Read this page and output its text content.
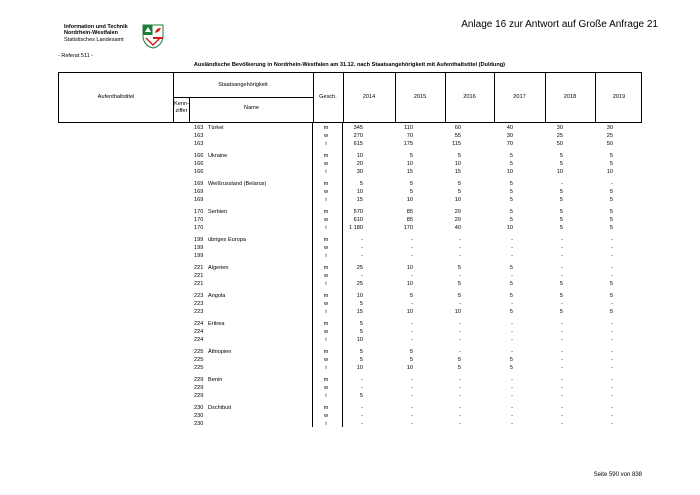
Information und Technik
Nordrhein-Westfalen
Statistisches Landesamt
Anlage 16 zur Antwort auf Große Anfrage 21
- Referat 511 -
Ausländische Bevölkerung in Nordrhein-Westfalen am 31.12. nach Staatsangehörigkeit mit Aufenthaltstitel (Duldung)
Aufenthaltstitel
Staatsangehörigkeit
Kenn-
ziffer	Name
Gesch.	2014	2015	2016	2017	2018	2019
163 Türkei	m	345	110	60	40	30	30
163	w	270	70	55	30	25	25
163	i	615	175	115	70	50	50
166 Ukraine	m	10	5	5	5	5	5
166	w	20	10	10	5	5	5
166	i	30	15	15	10	10	10
169 Weißrussland (Belarus)	m	5	5	5	5	-	-
169	w	10	5	5	5	5	5
169	i	15	10	10	5	5	5
170 Serbien	m	570	85	20	5	5	5
170	w	610	85	20	5	5	5
170	i	1 180	170	40	10	5	5
199 übriges Europa	m	-	-	-	-	-	-
199	w	-	-	-	-	-	-
199	i	-	-	-	-	-	-
221 Algerien	m	25	10	5	5	-	-
221	w	-	-	-	-	-	-
221	i	25	10	5	5	5	5
223 Angola	m	10	5	5	5	5	5
223	w	5	-	-	-	-	-
223	i	15	10	10	5	5	5
224 Eritrea	m	5	-	-	-	-	-
224	w	5	-	-	-	-	-
224	i	10	-	-	-	-	-
225 Äthiopien	m	5	5	-	-	-	-
225	w	5	5	5	5	-	-
225	i	10	10	5	5	-	-
229 Benin	m	-	-	-	-	-	-
229	w	-	-	-	-	-	-
229	i	5	-	-	-	-	-
230 Dschibuti	m	-	-	-	-	-	-
230	w	-	-	-	-	-	-
230	i	-	-	-	-	-	-
Seite 590 von 838
